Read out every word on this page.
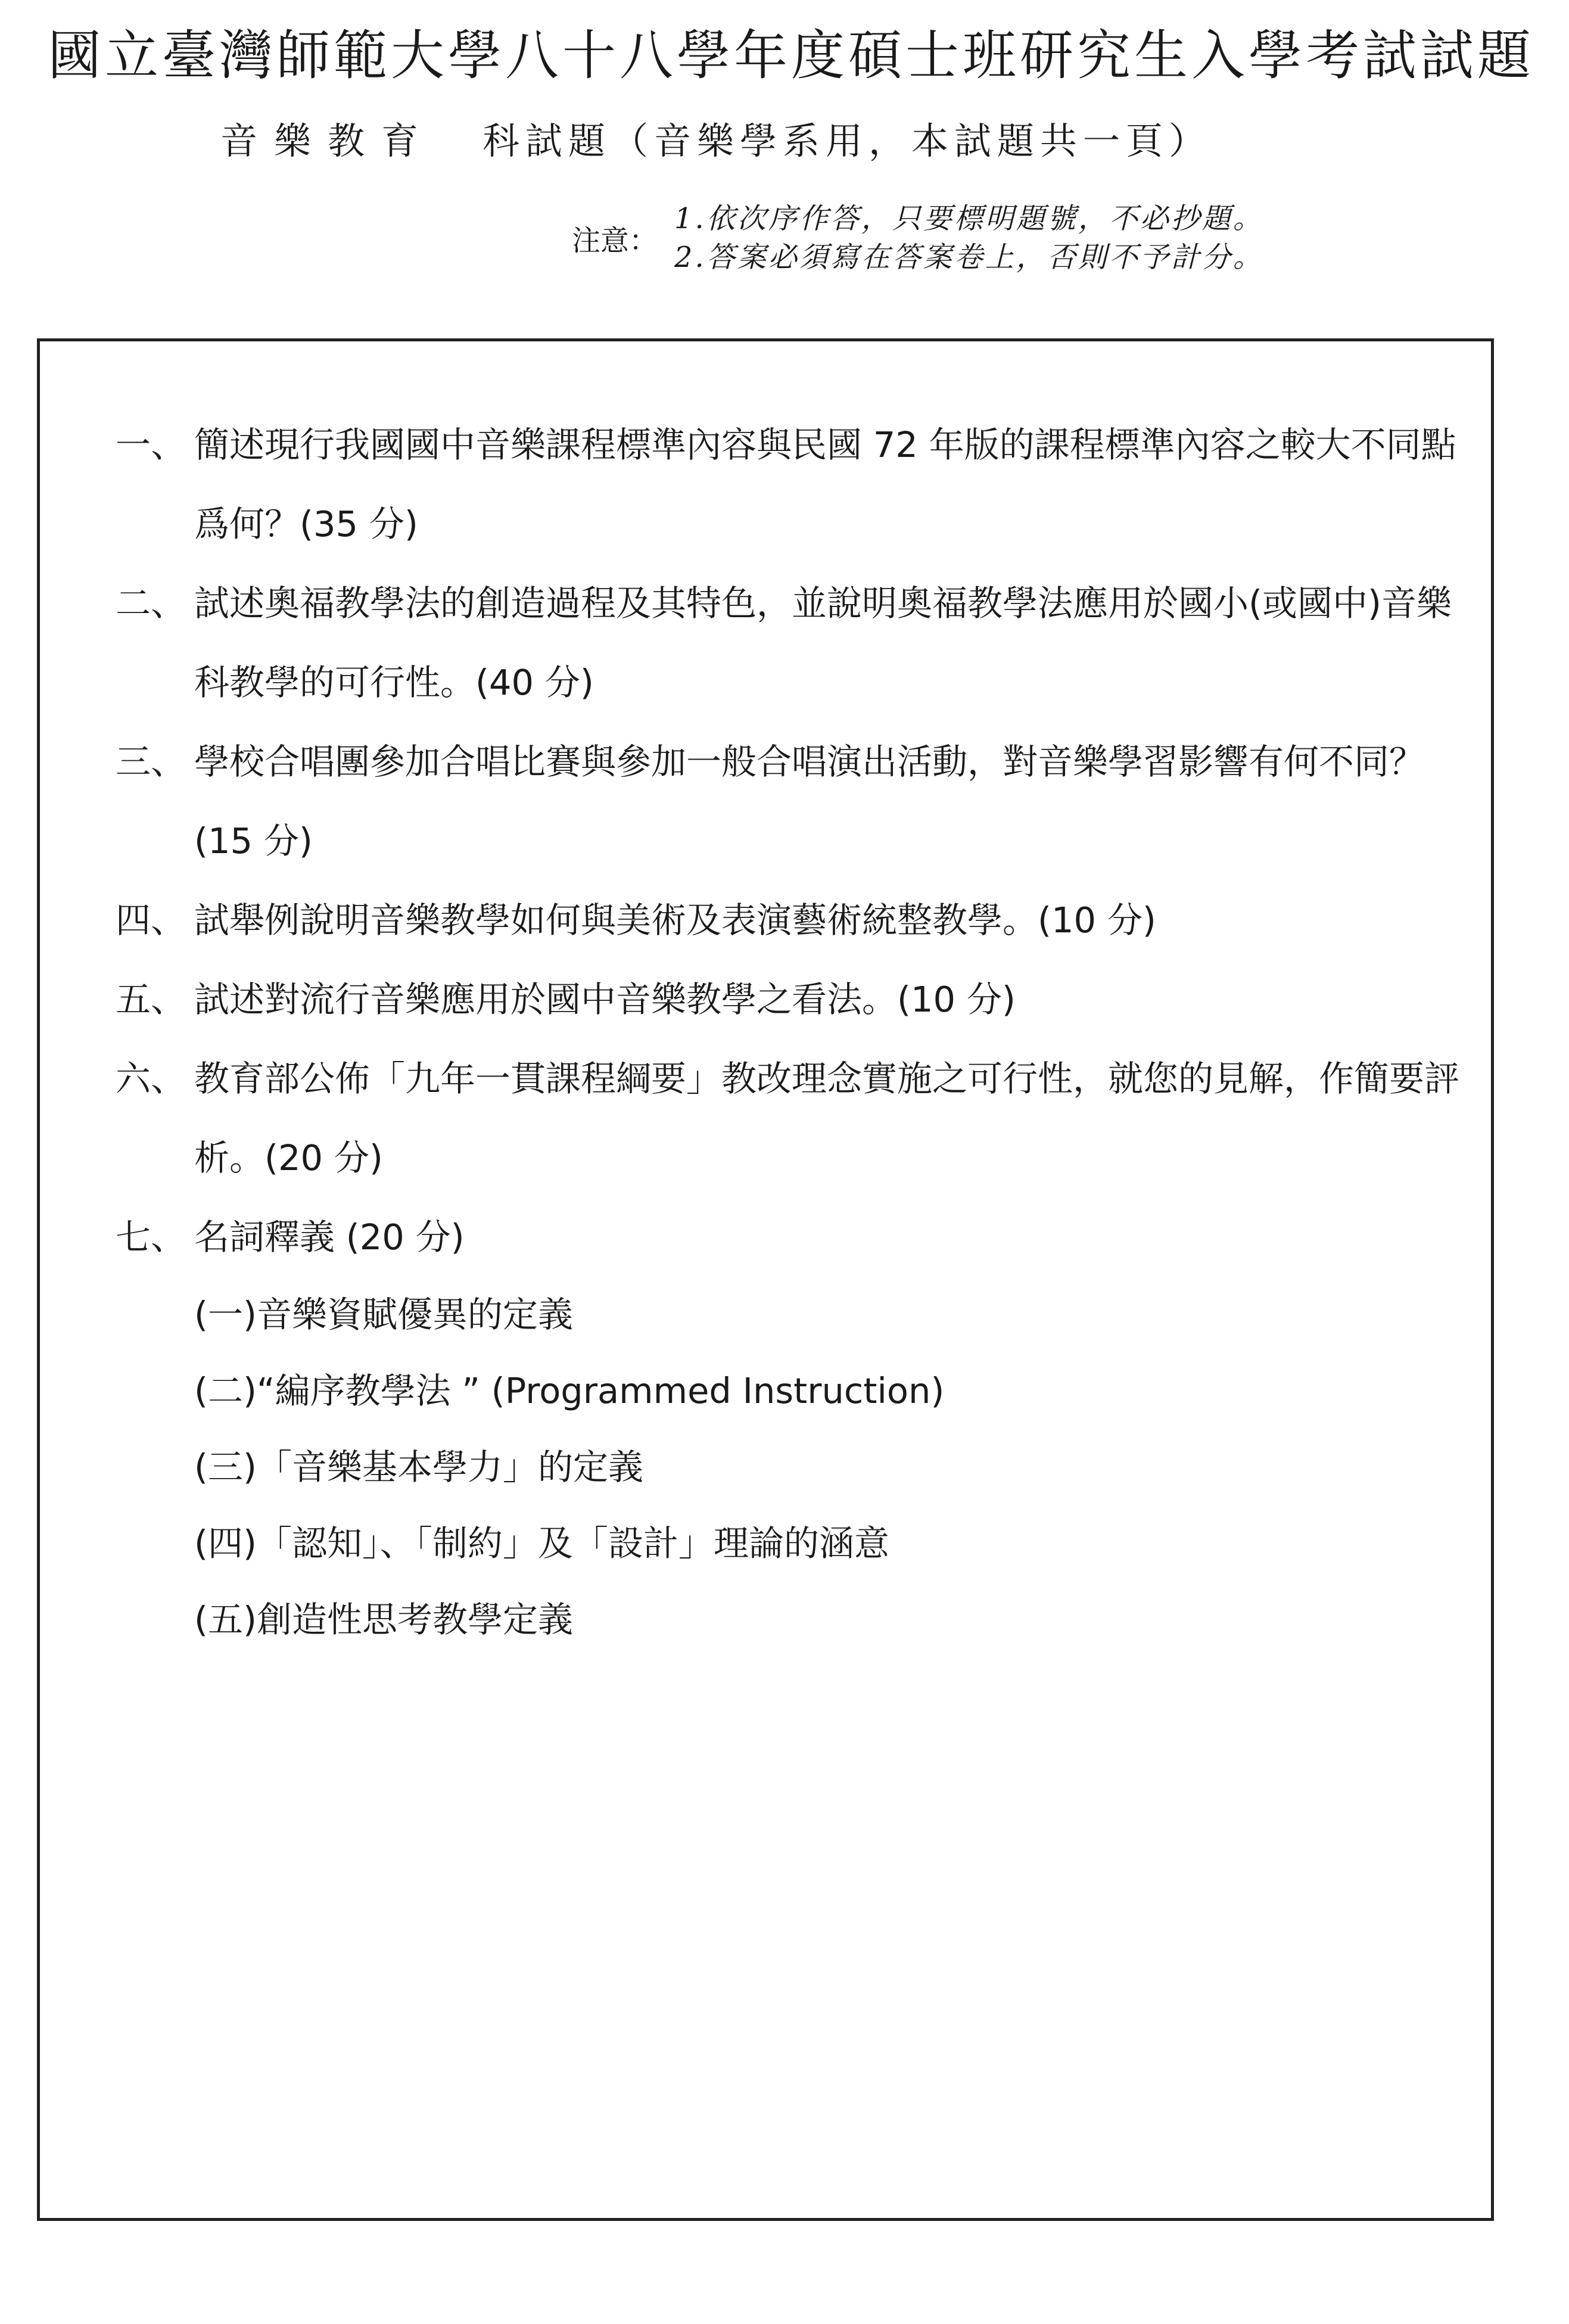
國立臺灣師範大學八十八學年度碩士班研究生入學考試試題
音樂教育 科試題（音樂學系用，本試題共一頁）
注意：
1.依次序作答，只要標明題號，不必抄題。
2.答案必須寫在答案卷上，否則不予計分。
一、 簡述現行我國國中音樂課程標準內容與民國 72 年版的課程標準內容之較大不同點爲何？(35 分)
二、 試述奧福教學法的創造過程及其特色，並說明奧福教學法應用於國小(或國中)音樂科教學的可行性。(40 分)
三、 學校合唱團參加合唱比賽與參加一般合唱演出活動，對音樂學習影響有何不同？(15 分)
四、 試舉例說明音樂教學如何與美術及表演藝術統整教學。(10 分)
五、 試述對流行音樂應用於國中音樂教學之看法。(10 分)
六、 教育部公佈「九年一貫課程綱要」教改理念實施之可行性，就您的見解，作簡要評析。(20 分)
七、 名詞釋義 (20 分)
(一)音樂資賦優異的定義
(二)“編序教學法 ” (Programmed Instruction)
(三)「音樂基本學力」的定義
(四)「認知」、「制約」及「設計」理論的涵意
(五)創造性思考教學定義
